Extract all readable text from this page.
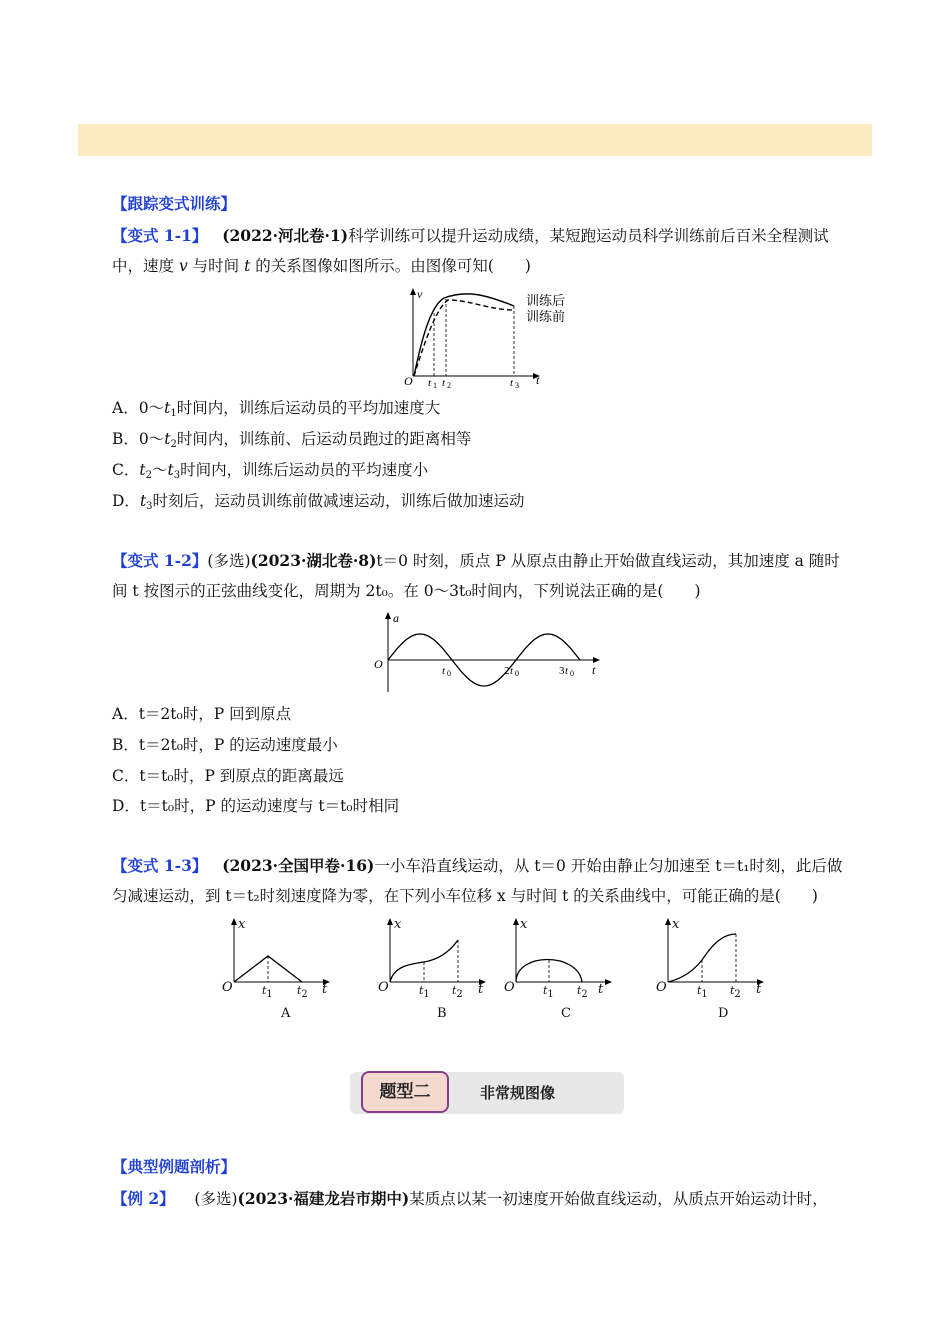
【跟踪变式训练】
【变式 1-1】 (2022·河北卷·1)科学训练可以提升运动成绩，某短跑运动员科学训练前后百米全程测试
中，速度 v 与时间 t 的关系图像如图所示。由图像可知(　　)
v
t
O t 1 t 2	t 3
训练后
训练前
A．$0\sim t_1$时间内，训练后运动员的平均加速度大
B．$0\sim t_2$时间内，训练前、后运动员跑过的距离相等
C．$t_2\sim t_3$时间内，训练后运动员的平均速度小
D．$t_3$时刻后，运动员训练前做减速运动，训练后做加速运动
【变式 1-2】(多选)(2023·湖北卷·8)t＝0 时刻，质点 P 从原点由静止开始做直线运动，其加速度 a 随时
间 t 按图示的正弦曲线变化，周期为 2t₀。在 0～3t₀时间内，下列说法正确的是(　　)
a
t
O	t 0	2 t 0	3 t 0
A．t＝2t₀时，P 回到原点
B．t＝2t₀时，P 的运动速度最小
C．t＝t₀时，P 到原点的距离最远
D．t＝t₀时，P 的运动速度与 t＝t₀时相同
【变式 1-3】 (2023·全国甲卷·16)一小车沿直线运动，从 t＝0 开始由静止匀加速至 t＝t₁时刻，此后做
匀减速运动，到 t＝t₂时刻速度降为零，在下列小车位移 x 与时间 t 的关系曲线中，可能正确的是(　　)
x
O	t
$t_1$ $t_2$
x
O	t
$t_1$ $t_2$
x
O	t
$t_1$ $t_2$
x
O	t
$t_1$ $t_2$
A	B	C	D
题型二	非常规图像
【典型例题剖析】
【例 2】 (多选)(2023·福建龙岩市期中)某质点以某一初速度开始做直线运动，从质点开始运动计时，
